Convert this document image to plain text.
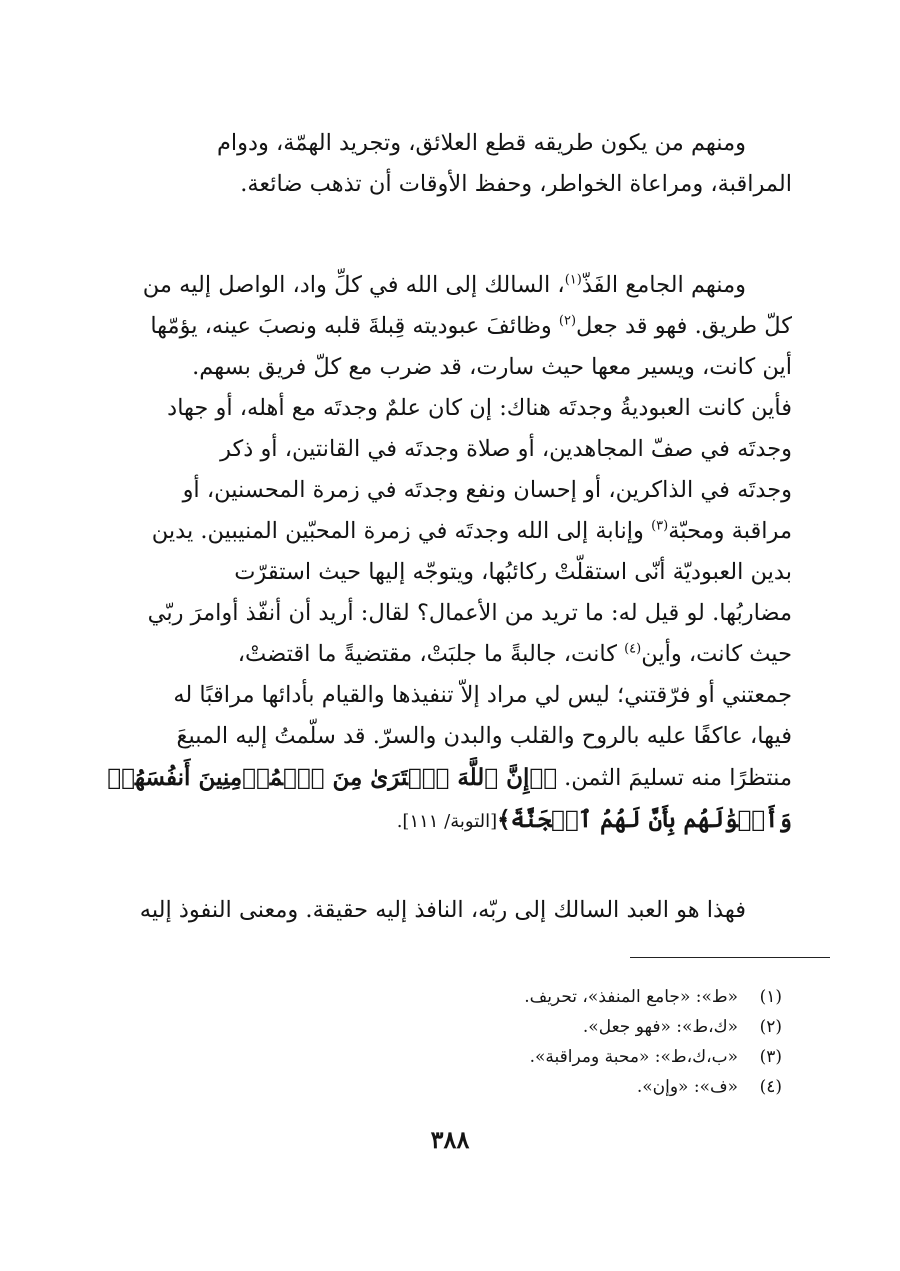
ومنهم من يكون طريقه قطع العلائق، وتجريد الهمّة، ودوام
المراقبة، ومراعاة الخواطر، وحفظ الأوقات أن تذهب ضائعة.

ومنهم الجامع الفَذّ$^{(١)}$، السالك إلى الله في كلِّ واد، الواصل إليه من
كلّ طريق. فهو قد جعل$^{(٢)}$ وظائفَ عبوديته قِبلةَ قلبه ونصبَ عينه، يؤمّها
أين كانت، ويسير معها حيث سارت، قد ضرب مع كلّ فريق بسهم.
فأين كانت العبوديةُ وجدتَه هناك: إن كان علمٌ وجدتَه مع أهله، أو جهاد
وجدتَه في صفّ المجاهدين، أو صلاة وجدتَه في القانتين، أو ذكر
وجدتَه في الذاكرين، أو إحسان ونفع وجدتَه في زمرة المحسنين، أو
مراقبة ومحبّة$^{(٣)}$ وإنابة إلى الله وجدتَه في زمرة المحبّين المنيبين. يدين
بدين العبوديّة أنّى استقلّتْ ركائبُها، ويتوجّه إليها حيث استقرّت
مضاربُها. لو قيل له: ما تريد من الأعمال؟ لقال: أريد أن أنفّذ أوامرَ ربّي
حيث كانت، وأين$^{(٤)}$ كانت، جالبةً ما جلبَتْ، مقتضيةً ما اقتضتْ،
جمعتني أو فرّقتني؛ ليس لي مراد إلاّ تنفيذها والقيام بأدائها مراقبًا له
فيها، عاكفًا عليه بالروح والقلب والبدن والسرّ. قد سلّمتُ إليه المبيعَ
منتظرًا منه تسليمَ الثمن. ﴿۞إِنَّ ٱللَّهَ ٱشۡتَرَىٰ مِنَ ٱلۡمُؤۡمِنِينَ أَنفُسَهُمۡ
وَأَمۡوَٰلَهُم بِأَنَّ لَهُمُ ٱلۡجَنَّةَ﴾[التوبة/ ١١١].

فهذا هو العبد السالك إلى ربّه، النافذ إليه حقيقة. ومعنى النفوذ إليه

(١)
«ط»: «جامع المنفذ»، تحريف.
(٢)
«ك،ط»: «فهو جعل».
(٣)
«ب،ك،ط»: «محبة ومراقبة».
(٤)
«ف»: «وإن».
٣٨٨
